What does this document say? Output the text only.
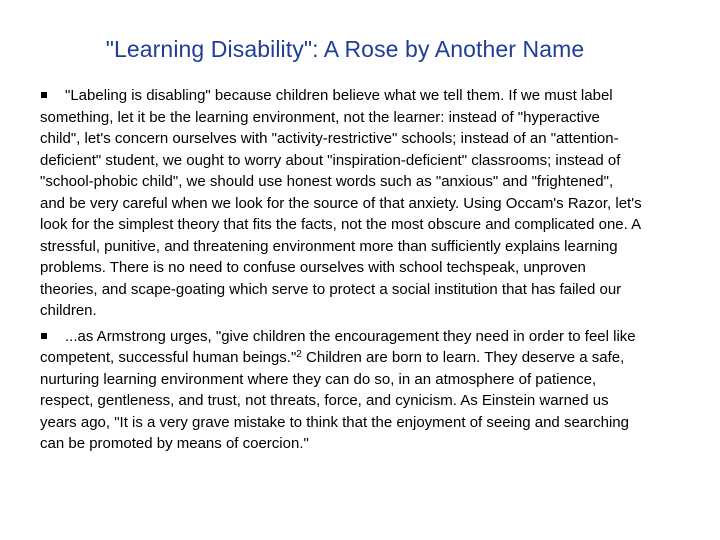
"Learning Disability": A Rose by Another Name

"Labeling is disabling" because children believe what we tell them. If we must label something, let it be the learning environment, not the learner: instead of "hyperactive child", let's concern ourselves with "activity-restrictive" schools; instead of an "attention-deficient" student, we ought to worry about "inspiration-deficient" classrooms; instead of "school-phobic child", we should use honest words such as "anxious" and "frightened", and be very careful when we look for the source of that anxiety. Using Occam's Razor, let's look for the simplest theory that fits the facts, not the most obscure and complicated one. A stressful, punitive, and threatening environment more than sufficiently explains learning problems. There is no need to confuse ourselves with school techspeak, unproven theories, and scape-goating which serve to protect a social institution that has failed our children.

...as Armstrong urges, "give children the encouragement they need in order to feel like competent, successful human beings."$^2$ Children are born to learn. They deserve a safe, nurturing learning environment where they can do so, in an atmosphere of patience, respect, gentleness, and trust, not threats, force, and cynicism. As Einstein warned us years ago, "It is a very grave mistake to think that the enjoyment of seeing and searching can be promoted by means of coercion."
